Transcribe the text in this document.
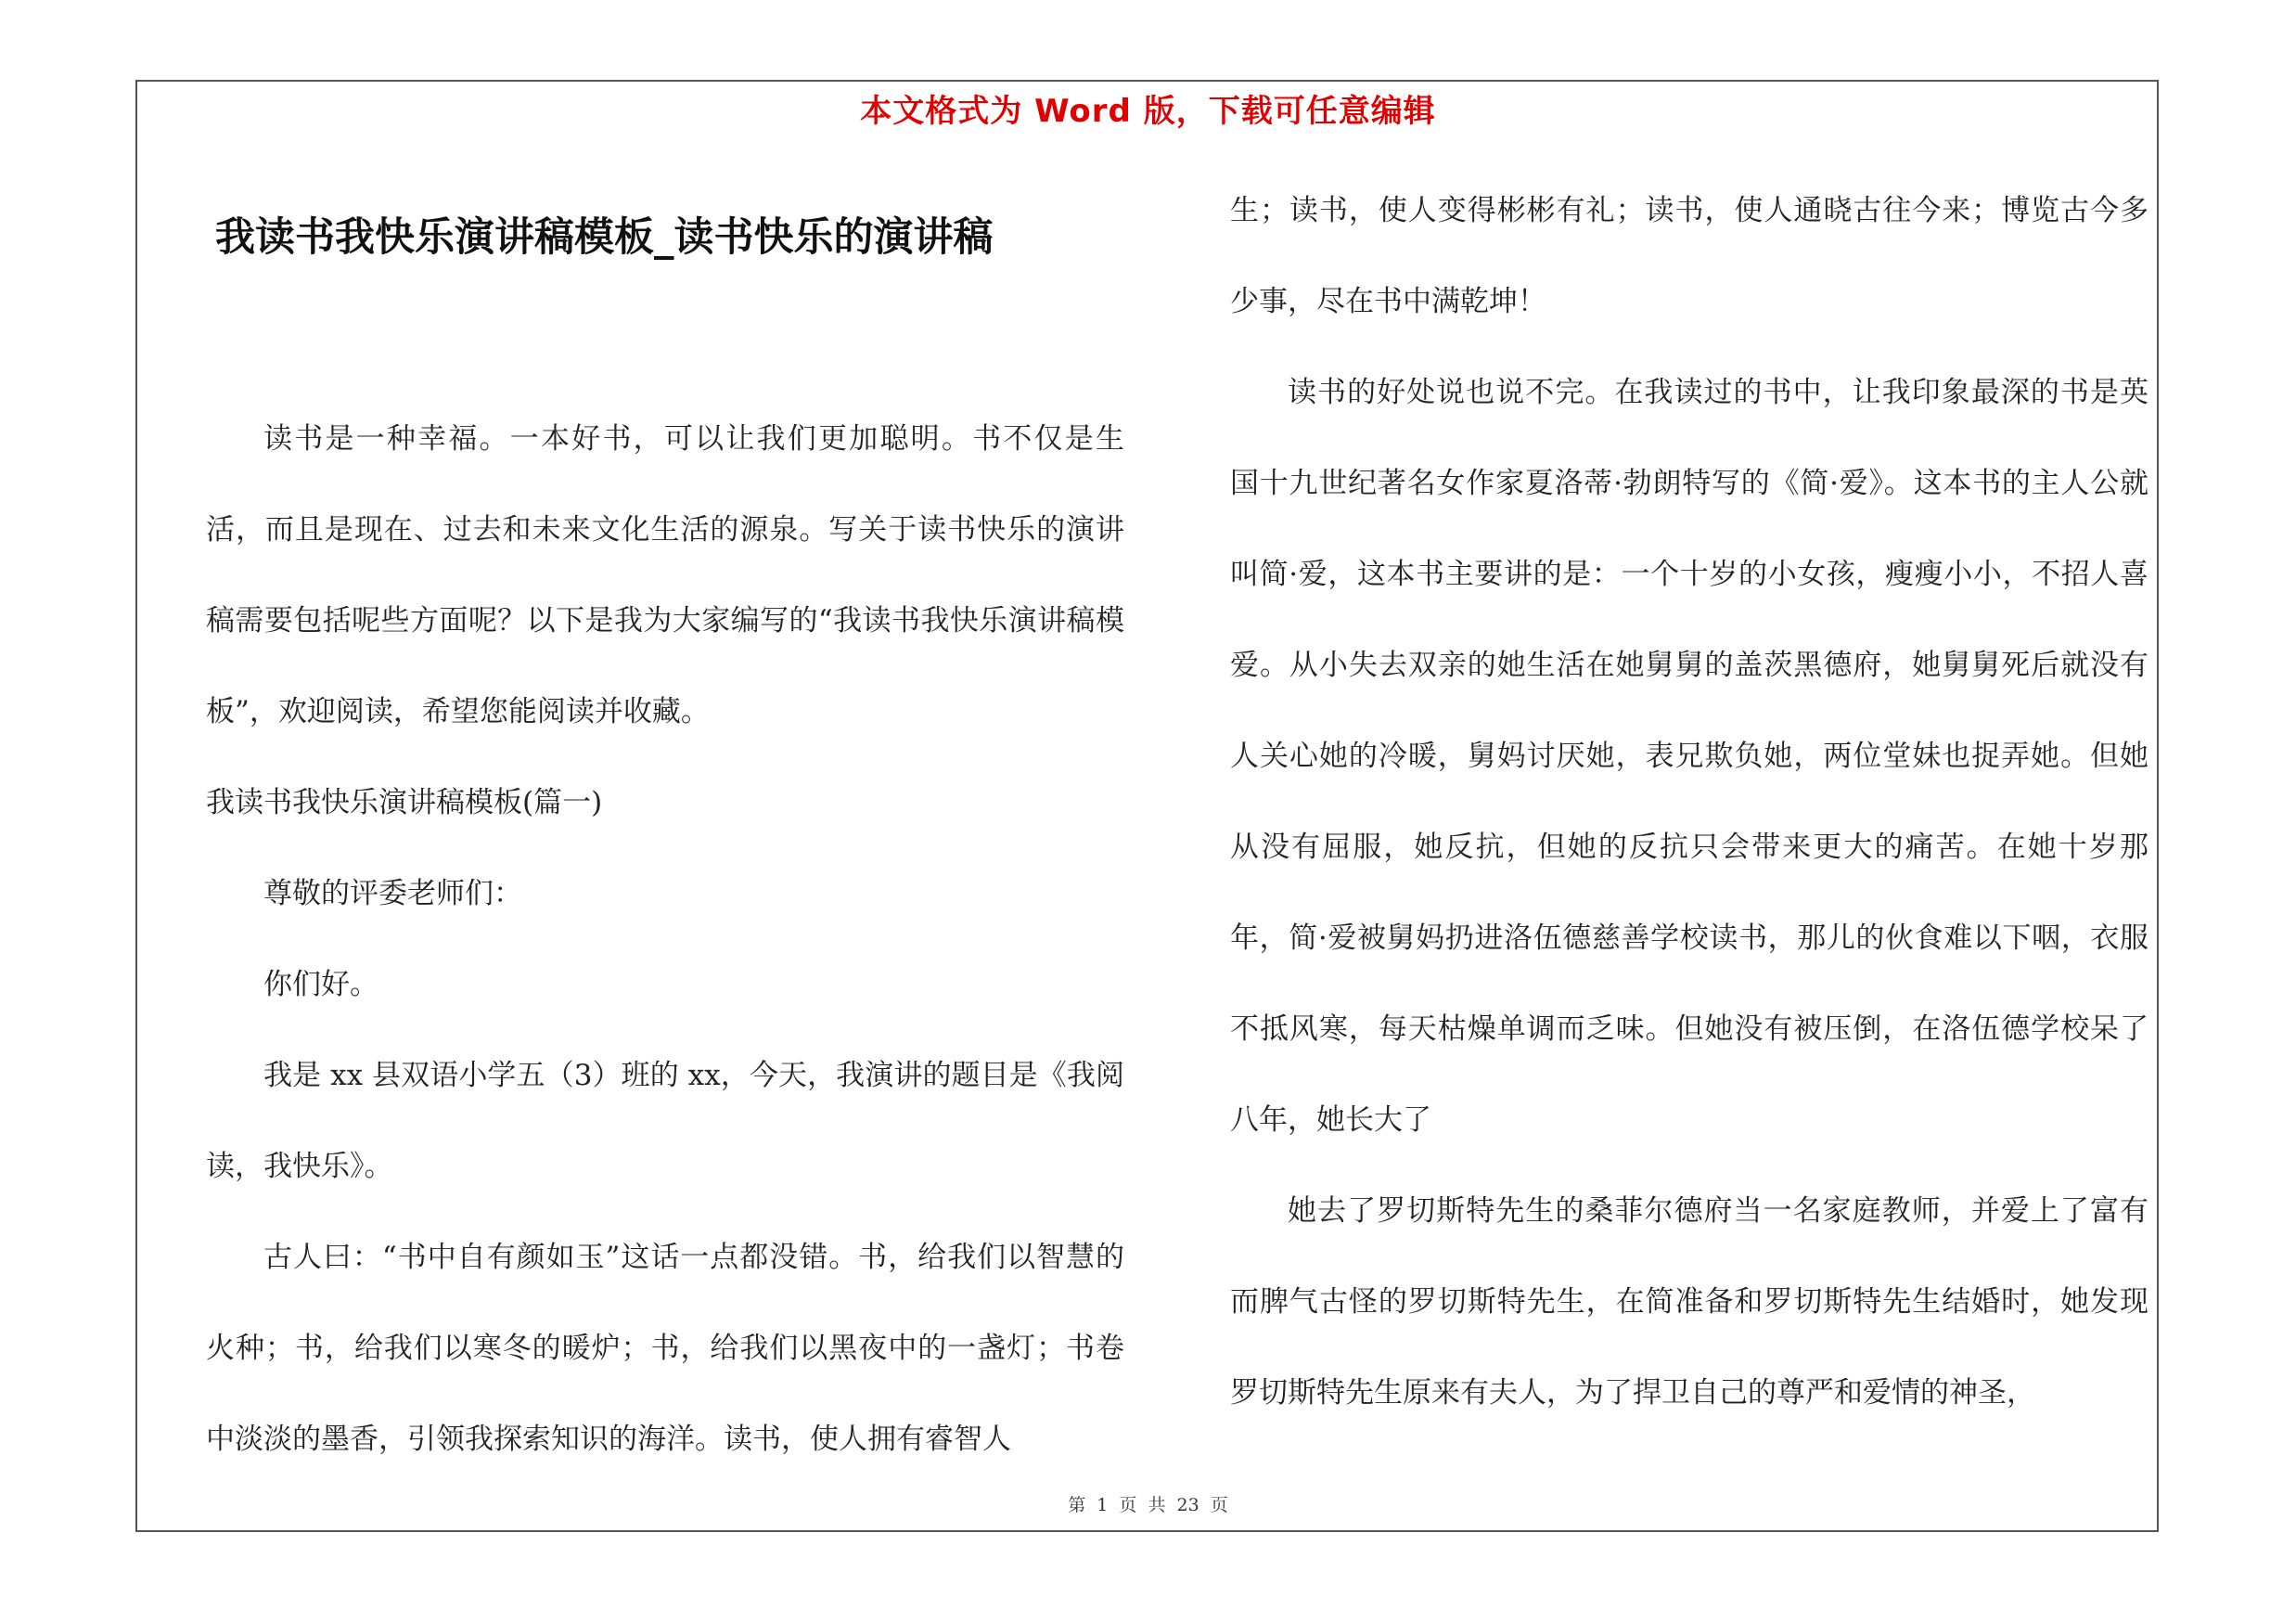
本文格式为 Word 版，下载可任意编辑
我读书我快乐演讲稿模板_读书快乐的演讲稿

读书是一种幸福。一本好书，可以让我们更加聪明。书不仅是生活，而且是现在、过去和未来文化生活的源泉。写关于读书快乐的演讲稿需要包括呢些方面呢？以下是我为大家编写的“我读书我快乐演讲稿模板”，欢迎阅读，希望您能阅读并收藏。

我读书我快乐演讲稿模板(篇一)

尊敬的评委老师们：

你们好。

我是 xx 县双语小学五（3）班的 xx，今天，我演讲的题目是《我阅读，我快乐》。

古人曰：“书中自有颜如玉”这话一点都没错。书，给我们以智慧的火种；书，给我们以寒冬的暖炉；书，给我们以黑夜中的一盏灯；书卷中淡淡的墨香，引领我探索知识的海洋。读书，使人拥有睿智人

生；读书，使人变得彬彬有礼；读书，使人通晓古往今来；博览古今多少事，尽在书中满乾坤！

读书的好处说也说不完。在我读过的书中，让我印象最深的书是英国十九世纪著名女作家夏洛蒂·勃朗特写的《简·爱》。这本书的主人公就叫简·爱，这本书主要讲的是：一个十岁的小女孩，瘦瘦小小，不招人喜爱。从小失去双亲的她生活在她舅舅的盖茨黑德府，她舅舅死后就没有人关心她的冷暖，舅妈讨厌她，表兄欺负她，两位堂妹也捉弄她。但她从没有屈服，她反抗，但她的反抗只会带来更大的痛苦。在她十岁那年，简·爱被舅妈扔进洛伍德慈善学校读书，那儿的伙食难以下咽，衣服不抵风寒，每天枯燥单调而乏味。但她没有被压倒，在洛伍德学校呆了八年，她长大了

她去了罗切斯特先生的桑菲尔德府当一名家庭教师，并爱上了富有而脾气古怪的罗切斯特先生，在简准备和罗切斯特先生结婚时，她发现罗切斯特先生原来有夫人，为了捍卫自己的尊严和爱情的神圣，

第 1 页 共 23 页
